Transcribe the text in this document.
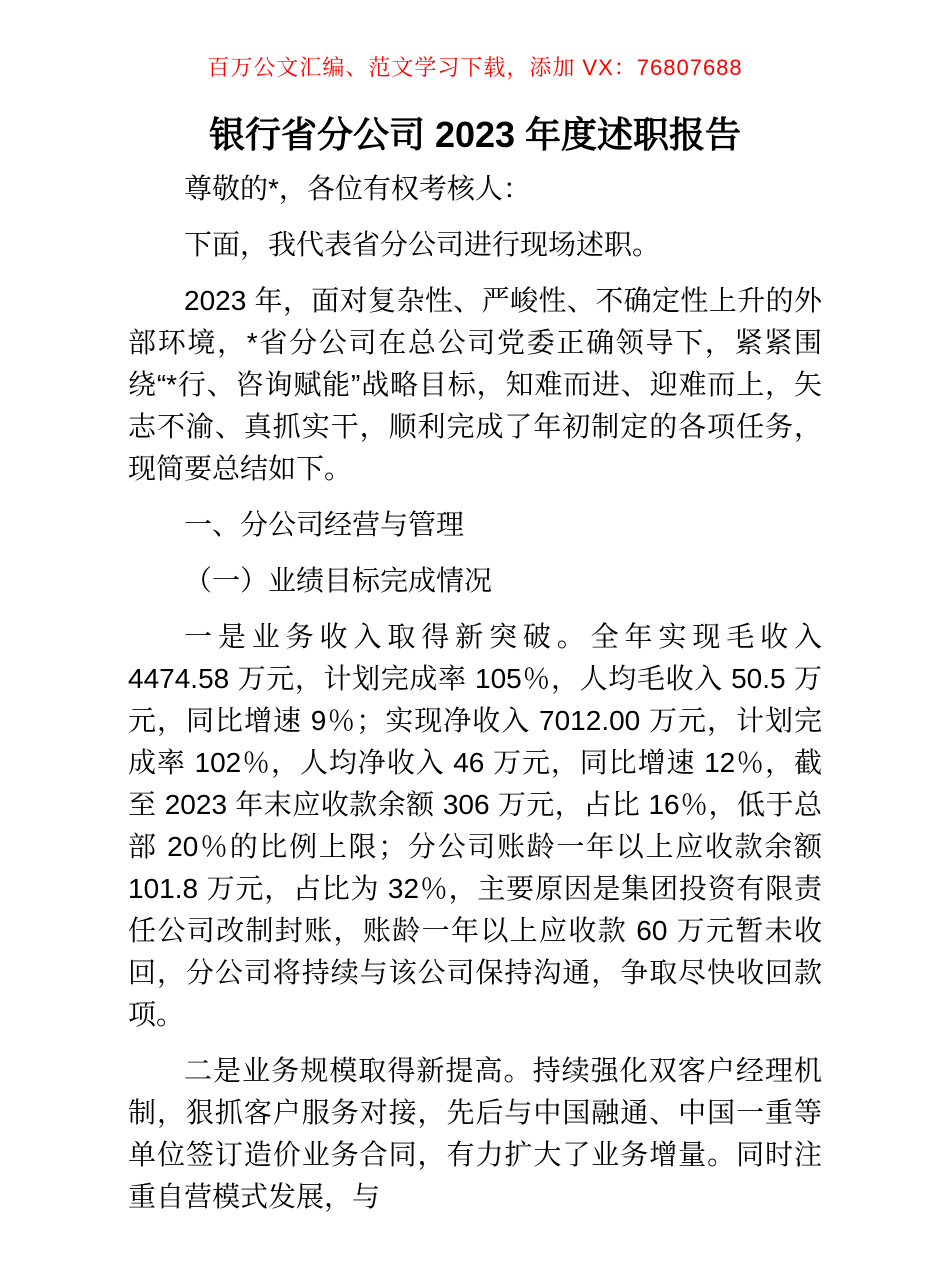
百万公文汇编、范文学习下载，添加 VX：76807688
银行省分公司 2023 年度述职报告

尊敬的*，各位有权考核人：

下面，我代表省分公司进行现场述职。

2023 年，面对复杂性、严峻性、不确定性上升的外部环境，*省分公司在总公司党委正确领导下，紧紧围绕“*行、咨询赋能”战略目标，知难而进、迎难而上，矢志不渝、真抓实干，顺利完成了年初制定的各项任务，现简要总结如下。

一、分公司经营与管理

（一）业绩目标完成情况

一是业务收入取得新突破。全年实现毛收入 4474.58 万元，计划完成率 105％，人均毛收入 50.5 万元，同比增速 9％；实现净收入 7012.00 万元，计划完成率 102％，人均净收入 46 万元，同比增速 12％，截至 2023 年末应收款余额 306 万元，占比 16％，低于总部 20％的比例上限；分公司账龄一年以上应收款余额 101.8 万元，占比为 32％，主要原因是集团投资有限责任公司改制封账，账龄一年以上应收款 60 万元暂未收回，分公司将持续与该公司保持沟通，争取尽快收回款项。

二是业务规模取得新提高。持续强化双客户经理机制，狠抓客户服务对接，先后与中国融通、中国一重等单位签订造价业务合同，有力扩大了业务增量。同时注重自营模式发展，与
